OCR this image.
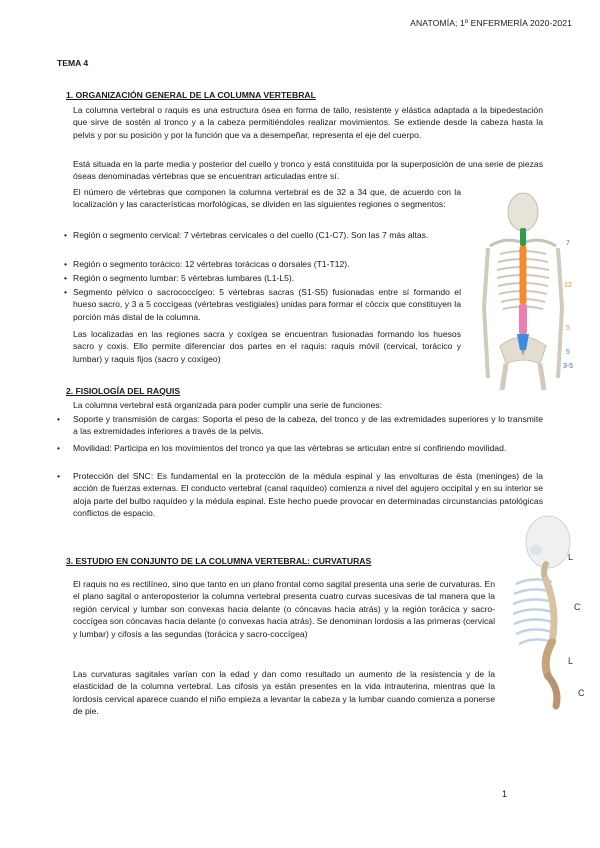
ANATOMÍA; 1º ENFERMERÍA 2020-2021
TEMA 4
1. ORGANIZACIÓN GENERAL DE LA COLUMNA VERTEBRAL
La columna vertebral o raquis es una estructura ósea en forma de tallo, resistente y elástica adaptada a la bipedestación que sirve de sostén al tronco y a la cabeza permitiéndoles realizar movimientos. Se extiende desde la cabeza hasta la pelvis y por su posición y por la función que va a desempeñar, representa el eje del cuerpo.
Está situada en la parte media y posterior del cuello y tronco y está constituida por la superposición de una serie de piezas óseas denominadas vértebras que se encuentran articuladas entre sí.
El número de vértebras que componen la columna vertebral es de 32 a 34 que, de acuerdo con la localización y las características morfológicas, se dividen en las siguientes regiones o segmentos:
• Región o segmento cervical: 7 vértebras cervicales o del cuello (C1-C7). Son las 7 más altas.
• Región o segmento torácico: 12 vértebras torácicas o dorsales (T1-T12).
• Región o segmento lumbar: 5 vértebras lumbares (L1-L5).
• Segmento pélvico o sacrococcígeo: 5 vértebras sacras (S1-S5) fusionadas entre sí formando el hueso sacro, y 3 a 5 coccígeas (vértebras vestigiales) unidas para formar el cóccix que constituyen la porción más distal de la columna.
Las localizadas en las regiones sacra y coxígea se encuentran fusionadas formando los huesos sacro y coxis. Ello permite diferenciar dos partes en el raquis: raquis móvil (cervical, torácico y lumbar) y raquis fijos (sacro y coxígeo)
7
12
5
5
3-5
2. FISIOLOGÍA DEL RAQUIS
La columna vertebral está organizada para poder cumplir una serie de funciones:
• Soporte y transmisión de cargas: Soporta el peso de la cabeza, del tronco y de las extremidades superiores y lo transmite a las extremidades inferiores a través de la pelvis.
• Movilidad: Participa en los movimientos del tronco ya que las vértebras se articulan entre sí confiriendo movilidad.
• Protección del SNC: Es fundamental en la protección de la médula espinal y las envolturas de ésta (meninges) de la acción de fuerzas externas. El conducto vertebral (canal raquídeo) comienza a nivel del agujero occipital y en su interior se aloja parte del bulbo raquídeo y la médula espinal. Este hecho puede provocar en determinadas circunstancias patológicas conflictos de espacio.
3. ESTUDIO EN CONJUNTO DE LA COLUMNA VERTEBRAL: CURVATURAS
El raquis no es rectilíneo, sino que tanto en un plano frontal como sagital presenta una serie de curvaturas. En el plano sagital o anteroposterior la columna vertebral presenta cuatro curvas sucesivas de tal manera que la región cervical y lumbar son convexas hacia delante (o cóncavas hacia atrás) y la región torácica y sacro-coccígea son cóncavas hacia delante (o convexas hacia atrás). Se denominan lordosis a las primeras (cervical y lumbar) y cifosis a las segundas (torácica y sacro-coccígea)
Las curvaturas sagitales varían con la edad y dan como resultado un aumento de la resistencia y de la elasticidad de la columna vertebral. Las cifosis ya están presentes en la vida intrauterina, mientras que la lordosis cervical aparece cuando el niño empieza a levantar la cabeza y la lumbar cuando comienza a ponerse de pie.
L
C
L
C
1
